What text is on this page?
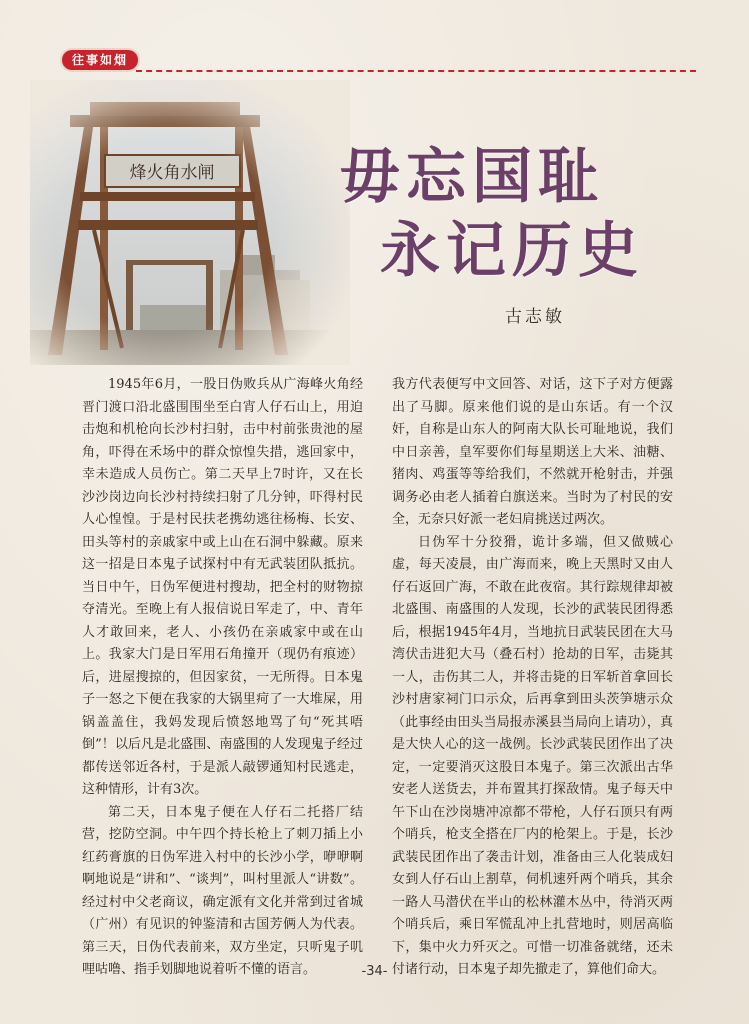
往事如烟
毋忘国耻
永记历史
古志敏

1945年6月，一股日伪败兵从广海峰火角经晋门渡口沿北盛围围坐至白宵人仔石山上，用迫击炮和机枪向长沙村扫射，击中村前张贵池的屋角，吓得在禾场中的群众惊惶失措，逃回家中，幸未造成人员伤亡。第二天早上7时许，又在长沙沙岗边向长沙村持续扫射了几分钟，吓得村民人心惶惶。于是村民扶老携幼逃往杨梅、长安、田头等村的亲戚家中或上山在石洞中躲藏。原来这一招是日本鬼子试探村中有无武装团队抵抗。当日中午，日伪军便进村搜劫，把全村的财物掠夺清光。至晚上有人报信说日军走了，中、青年人才敢回来，老人、小孩仍在亲戚家中或在山上。我家大门是日军用石角撞开（现仍有痕迹）后，进屋搜掠的，但因家贫，一无所得。日本鬼子一怒之下便在我家的大锅里疴了一大堆屎，用锅盖盖住，我妈发现后愤怒地骂了句“死其唔倒”！以后凡是北盛围、南盛围的人发现鬼子经过都传送邻近各村，于是派人敲锣通知村民逃走，这种情形，计有3次。

第二天，日本鬼子便在人仔石二托搭厂结营，挖防空洞。中午四个持长枪上了刺刀插上小红药膏旗的日伪军进入村中的长沙小学，咿咿啊啊地说是“讲和”、“谈判”，叫村里派人“讲数”。经过村中父老商议，确定派有文化并常到过省城（广州）有见识的钟鉴清和古国芳俩人为代表。第三天，日伪代表前来，双方坐定，只听鬼子叽哩咕噜、指手划脚地说着听不懂的语言。

我方代表便写中文回答、对话，这下子对方便露出了马脚。原来他们说的是山东话。有一个汉奸，自称是山东人的阿南大队长可耻地说，我们中日亲善，皇军要你们每星期送上大米、油糖、猪肉、鸡蛋等等给我们，不然就开枪射击，并强调务必由老人插着白旗送来。当时为了村民的安全，无奈只好派一老妇肩挑送过两次。

日伪军十分狡猾，诡计多端，但又做贼心虚，每天凌晨，由广海而来，晚上天黑时又由人仔石返回广海，不敢在此夜宿。其行踪规律却被北盛围、南盛围的人发现，长沙的武装民团得悉后，根据1945年4月，当地抗日武装民团在大马湾伏击进犯大马（叠石村）抢劫的日军，击毙其一人，击伤其二人，并将击毙的日军斩首拿回长沙村唐家祠门口示众，后再拿到田头茨笋塘示众（此事经由田头当局报赤溪县当局向上请功），真是大快人心的这一战例。长沙武装民团作出了决定，一定要消灭这股日本鬼子。第三次派出古华安老人送货去，并布置其打探敌情。鬼子每天中午下山在沙岗塘冲凉都不带枪，人仔石顶只有两个哨兵，枪支全搭在厂内的枪架上。于是，长沙武装民团作出了袭击计划，准备由三人化装成妇女到人仔石山上割草，伺机速歼两个哨兵，其余一路人马潜伏在半山的松林灌木丛中，待消灭两个哨兵后，乘日军慌乱冲上扎营地时，则居高临下，集中火力歼灭之。可惜一切准备就绪，还未付诸行动，日本鬼子却先撤走了，算他们命大。

-34-
